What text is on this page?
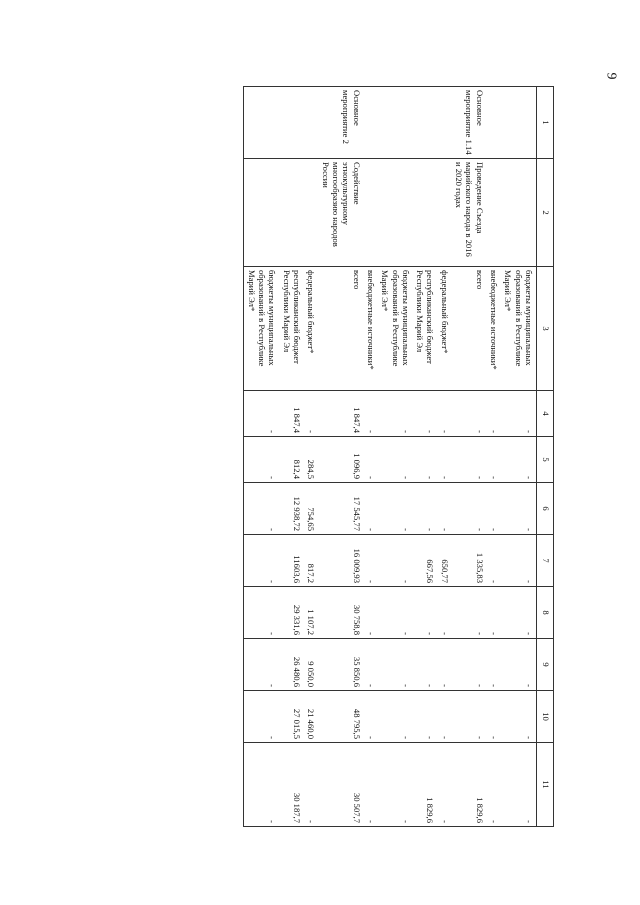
9
1	2	3	4	5	6	7	8	9	10	11
		бюджеты муниципальных образований в Республике Марий Эл*	-	-	-	-	-	-	-	-
		внебюджетные источники*	-	-	-	-	-	-	-	-
Основное мероприятие 1.14	Проведение Съезда марийского народа в 2016 и 2020 годах	всего	-	-	-	1 335,83	-	-	-	1 829,6
		федеральный бюджет*	-	-	-	650,77	-	-	-	-
		республиканский бюджет Республики Марий Эл	-	-	-	667,56	-	-	-	1 829,6
		бюджеты муниципальных образований в Республике Марий Эл*	-	-	-	-	-	-	-	-
		внебюджетные источники*	-	-	-	-	-	-	-	-
Основное мероприятие 2	Содействие этнокультурному многообразию народов России	всего	1 847,4	1 096,9	17 545,77	16 009,93	30 758,8	35 850,6	48 795,5	30 507,7
		федеральный бюджет*	-	284,5	754,65	817,2	1 107,2	9 050,0	21 460,0	-
		республиканский бюджет Республики Марий Эл	1 847,4	812,4	12 938,72	11603,6	29 331,6	26 480,6	27 015,5	30 187,7
		бюджеты муниципальных образований в Республике Марий Эл*	-	-	-	-	-	-	-	-
